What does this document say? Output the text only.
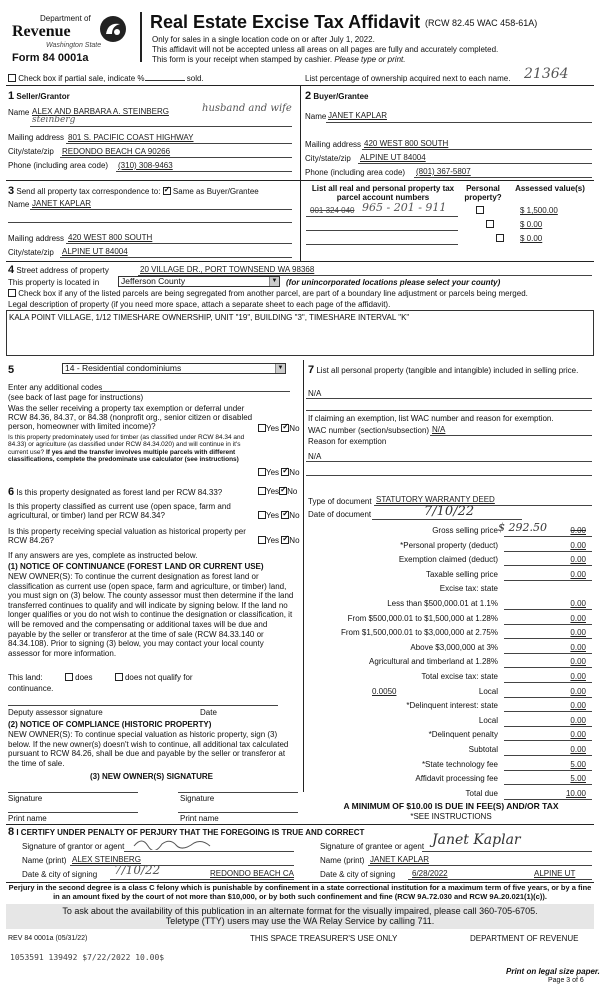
Department of
Revenue
Washington State
Form 84 0001a
Real Estate Excise Tax Affidavit (RCW 82.45 WAC 458-61A)
Only for sales in a single location code on or after July 1, 2022.
This affidavit will not be accepted unless all areas on all pages are fully and accurately completed.
This form is your receipt when stamped by cashier. Please type or print.
Check box if partial sale, indicate %	sold.	List percentage of ownership acquired next to each name. 21364
1 Seller/Grantor
Name ALEX AND BARBARA A. STEINBERG	husband and wife
steinberg
Mailing address 801 S. PACIFIC COAST HIGHWAY
City/state/zip REDONDO BEACH CA 90266
Phone (including area code) (310) 308-9463
2 Buyer/Grantee
Name JANET KAPLAR
Mailing address 420 WEST 800 SOUTH
City/state/zip ALPINE UT 84004
Phone (including area code) (801) 367-5807
3 Send all property tax correspondence to: ✓ Same as Buyer/Grantee
Name JANET KAPLAR
Mailing address 420 WEST 800 SOUTH
City/state/zip ALPINE UT 84004
List all real and personal property tax parcel account numbers
Personal property?
Assessed value(s)
001 324 040 965 - 201 - 911
	$ 1,500.00
$ 0.00
$ 0.00
4 Street address of property	20 VILLAGE DR., PORT TOWNSEND WA 98368
This property is located in	Jefferson County	▼ (for unincorporated locations please select your county)
Check box if any of the listed parcels are being segregated from another parcel, are part of a boundary line adjustment or parcels being merged.
Legal description of property (if you need more space, attach a separate sheet to each page of the affidavit).
KALA POINT VILLAGE, 1/12 TIMESHARE OWNERSHIP, UNIT "19", BUILDING "3", TIMESHARE INTERVAL "K"
5	14 - Residential condominiums	▼
Enter any additional codes
(see back of last page for instructions)
Was the seller receiving a property tax exemption or deferral under RCW 84.36, 84.37, or 84.38 (nonprofit org., senior citizen or disabled person, homeowner with limited income)?	Yes ✓ No
Is this property predominately used for timber (as classified under RCW 84.34 and 84.33) or agriculture (as classified under RCW 84.34.020) and will continue in it's current use? If yes and the transfer involves multiple parcels with different classifications, complete the predominate use calculator (see instructions)
Yes ✓ No
6 Is this property designated as forest land per RCW 84.33?	Yes ✓ No
Is this property classified as current use (open space, farm and agricultural, or timber) land per RCW 84.34?	Yes ✓ No
Is this property receiving special valuation as historical property per RCW 84.26?	Yes ✓ No
If any answers are yes, complete as instructed below.
(1) NOTICE OF CONTINUANCE (FOREST LAND OR CURRENT USE)
NEW OWNER(S): To continue the current designation as forest land or classification as current use (open space, farm and agriculture, or timber) land, you must sign on (3) below. The county assessor must then determine if the land transferred continues to qualify and will indicate by signing below. If the land no longer qualifies or you do not wish to continue the designation or classification, it will be removed and the compensating or additional taxes will be due and payable by the seller or transferor at the time of sale (RCW 84.33.140 or 84.34.108). Prior to signing (3) below, you may contact your local county assessor for more information.
This land:	does	does not qualify for
continuance.
Deputy assessor signature	Date
(2) NOTICE OF COMPLIANCE (HISTORIC PROPERTY)
NEW OWNER(S): To continue special valuation as historic property, sign (3) below. If the new owner(s) doesn't wish to continue, all additional tax calculated pursuant to RCW 84.26, shall be due and payable by the seller or transferor at the time of sale.
(3) NEW OWNER(S) SIGNATURE
Signature	Signature
Print name	Print name
7 List all personal property (tangible and intangible) included in selling price.
N/A
If claiming an exemption, list WAC number and reason for exemption.
WAC number (section/subsection) N/A
Reason for exemption
N/A
Type of document STATUTORY WARRANTY DEED
Date of document	7/10/22
Gross selling price	0.00
$ 292.50
*Personal property (deduct)	0.00
Exemption claimed (deduct)	0.00
Taxable selling price	0.00
Excise tax: state
Less than $500,000.01 at 1.1%	0.00
From $500,000.01 to $1,500,000 at 1.28%	0.00
From $1,500,000.01 to $3,000,000 at 2.75%	0.00
Above $3,000,000 at 3%	0.00
Agricultural and timberland at 1.28%	0.00
Total excise tax: state	0.00
Local	0.00
0.0050
*Delinquent interest: state	0.00
Local	0.00
*Delinquent penalty	0.00
Subtotal	0.00
*State technology fee	5.00
Affidavit processing fee	5.00
Total due	10.00
A MINIMUM OF $10.00 IS DUE IN FEE(S) AND/OR TAX
*SEE INSTRUCTIONS
8 I CERTIFY UNDER PENALTY OF PERJURY THAT THE FOREGOING IS TRUE AND CORRECT
Signature of grantor or agent
Name (print) ALEX STEINBERG
Date & city of signing 7/10/22	REDONDO BEACH CA
Signature of grantee or agent Janet Kaplar
Name (print) JANET KAPLAR
Date & city of signing 6/28/2022	ALPINE UT
Perjury in the second degree is a class C felony which is punishable by confinement in a state correctional institution for a maximum term of five years, or by a fine in an amount fixed by the court of not more than $10,000, or by both such confinement and fine (RCW 9A.72.030 and RCW 9A.20.021(1)(c)).
To ask about the availability of this publication in an alternate format for the visually impaired, please call 360-705-6705. Teletype (TTY) users may use the WA Relay Service by calling 711.
REV 84 0001a (05/31/22)	THIS SPACE TREASURER'S USE ONLY	DEPARTMENT OF REVENUE
1053591 139492 $7/22/2022 10.00$
Print on legal size paper.
Page 3 of 6
